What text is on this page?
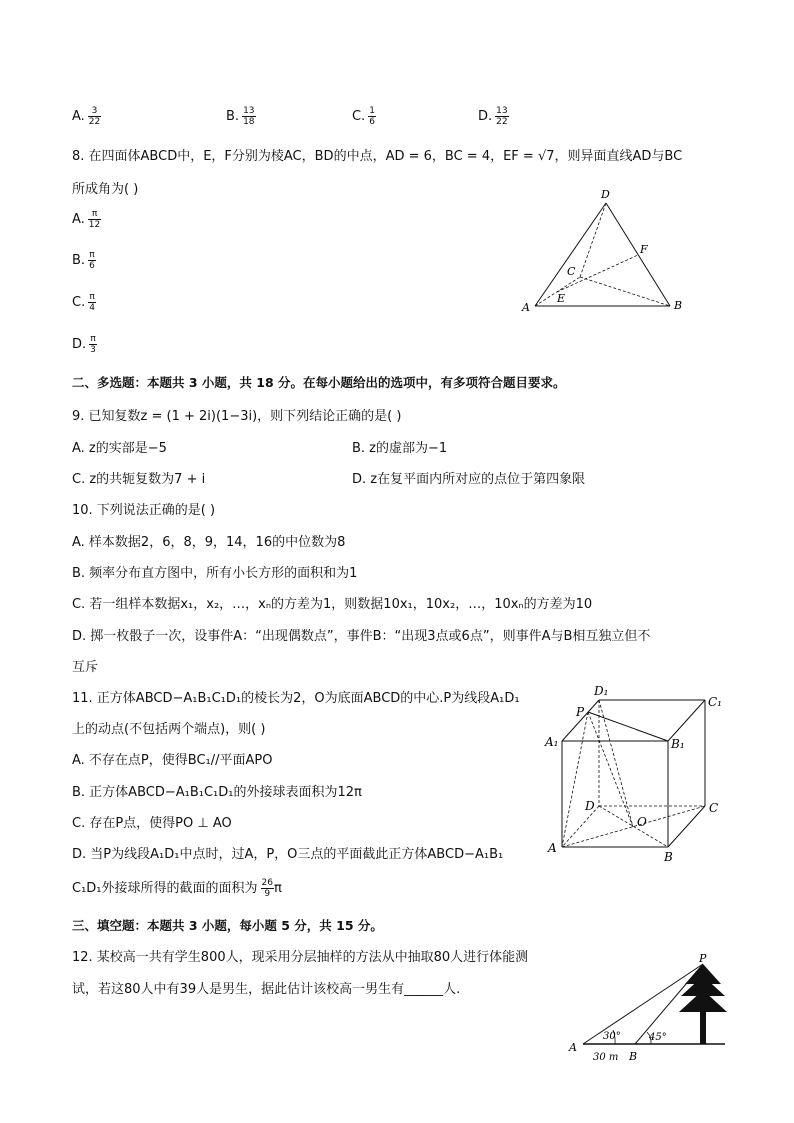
A. $\frac{3}{22}$	B. $\frac{13}{18}$	C. $\frac{1}{6}$	D. $\frac{13}{22}$
8. 在四面体ABCD中，E，F分别为棱AC，BD的中点，AD = 6，BC = 4，EF = √7，则异面直线AD与BC
所成角为( )
A. $\frac{\pi}{12}$
B. $\frac{\pi}{6}$
C. $\frac{\pi}{4}$
D. $\frac{\pi}{3}$
D
F
C
E
A	B
二、多选题：本题共 3 小题，共 18 分。在每小题给出的选项中，有多项符合题目要求。
9. 已知复数z = (1 + 2i)(1−3i)，则下列结论正确的是( )
A. z的实部是−5	B. z的虚部为−1
C. z的共轭复数为7 + i	D. z在复平面内所对应的点位于第四象限
10. 下列说法正确的是( )
A. 样本数据2，6，8，9，14，16的中位数为8
B. 频率分布直方图中，所有小长方形的面积和为1
C. 若一组样本数据x₁，x₂，…，xₙ的方差为1，则数据10x₁，10x₂，…，10xₙ的方差为10
D. 掷一枚骰子一次，设事件A：“出现偶数点”，事件B：“出现3点或6点”，则事件A与B相互独立但不
互斥
11. 正方体ABCD−A₁B₁C₁D₁的棱长为2，O为底面ABCD的中心.P为线段A₁D₁
上的动点(不包括两个端点)，则( )
A. 不存在点P，使得BC₁//平面APO
B. 正方体ABCD−A₁B₁C₁D₁的外接球表面积为12π
C. 存在P点，使得PO ⊥ AO
D. 当P为线段A₁D₁中点时，过A，P，O三点的平面截此正方体ABCD−A₁B₁
C₁D₁外接球所得的截面的面积为 $\frac{26}{9}$ π
D₁
C₁
P
A₁	B₁
D	C
O
A
B
三、填空题：本题共 3 小题，每小题 5 分，共 15 分。
12. 某校高一共有学生800人，现采用分层抽样的方法从中抽取80人进行体能测
试，若这80人中有39人是男生，据此估计该校高一男生有______人.
P
30°	45°
A
B
30 m
